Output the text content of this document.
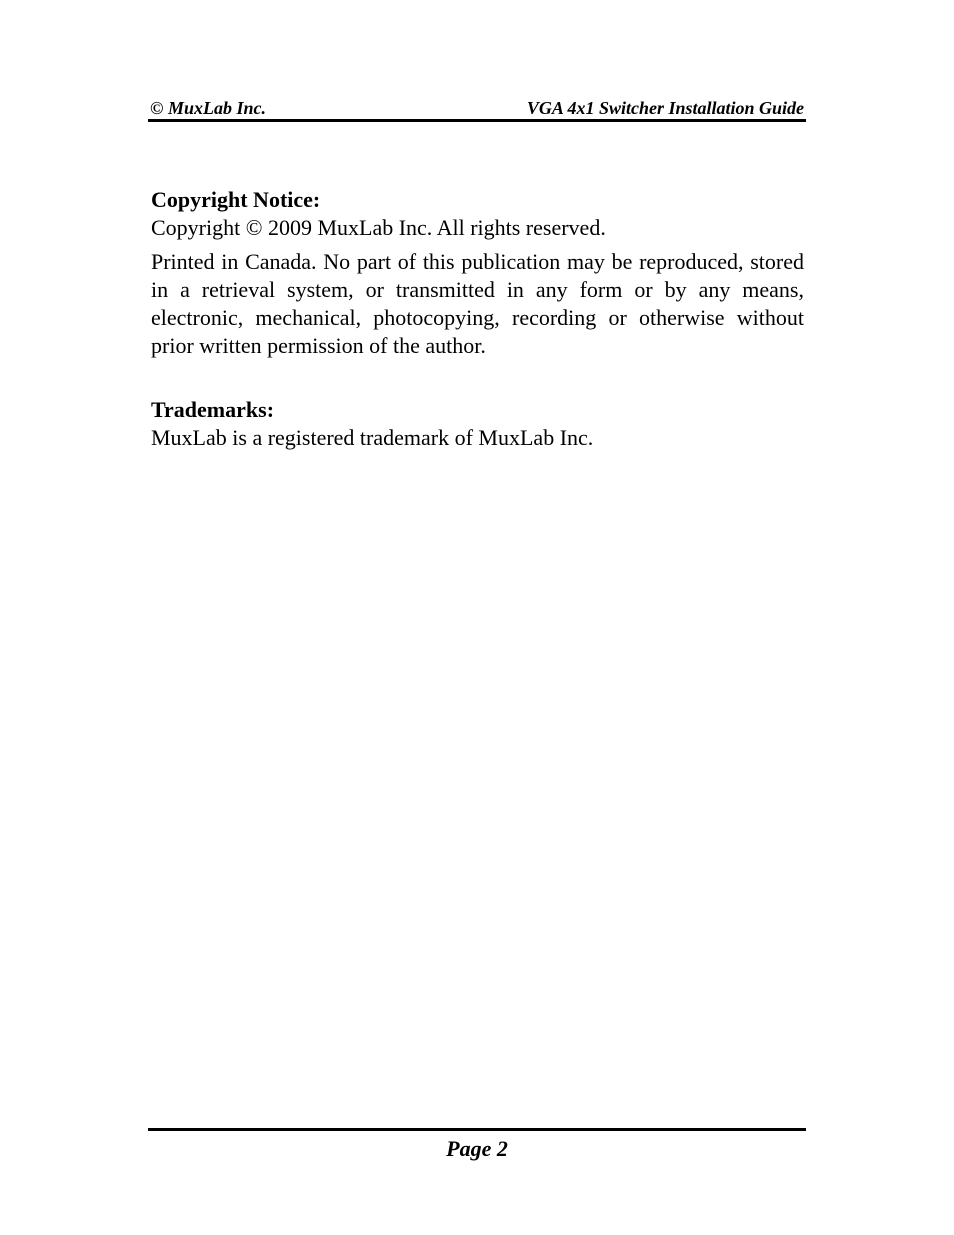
© MuxLab Inc.	VGA 4x1 Switcher Installation Guide
Copyright Notice:

Copyright © 2009 MuxLab Inc. All rights reserved.

Printed in Canada. No part of this publication may be reproduced, stored in a retrieval system, or transmitted in any form or by any means, electronic, mechanical, photocopying, recording or otherwise without prior written permission of the author.

Trademarks:

MuxLab is a registered trademark of MuxLab Inc.

Page 2
